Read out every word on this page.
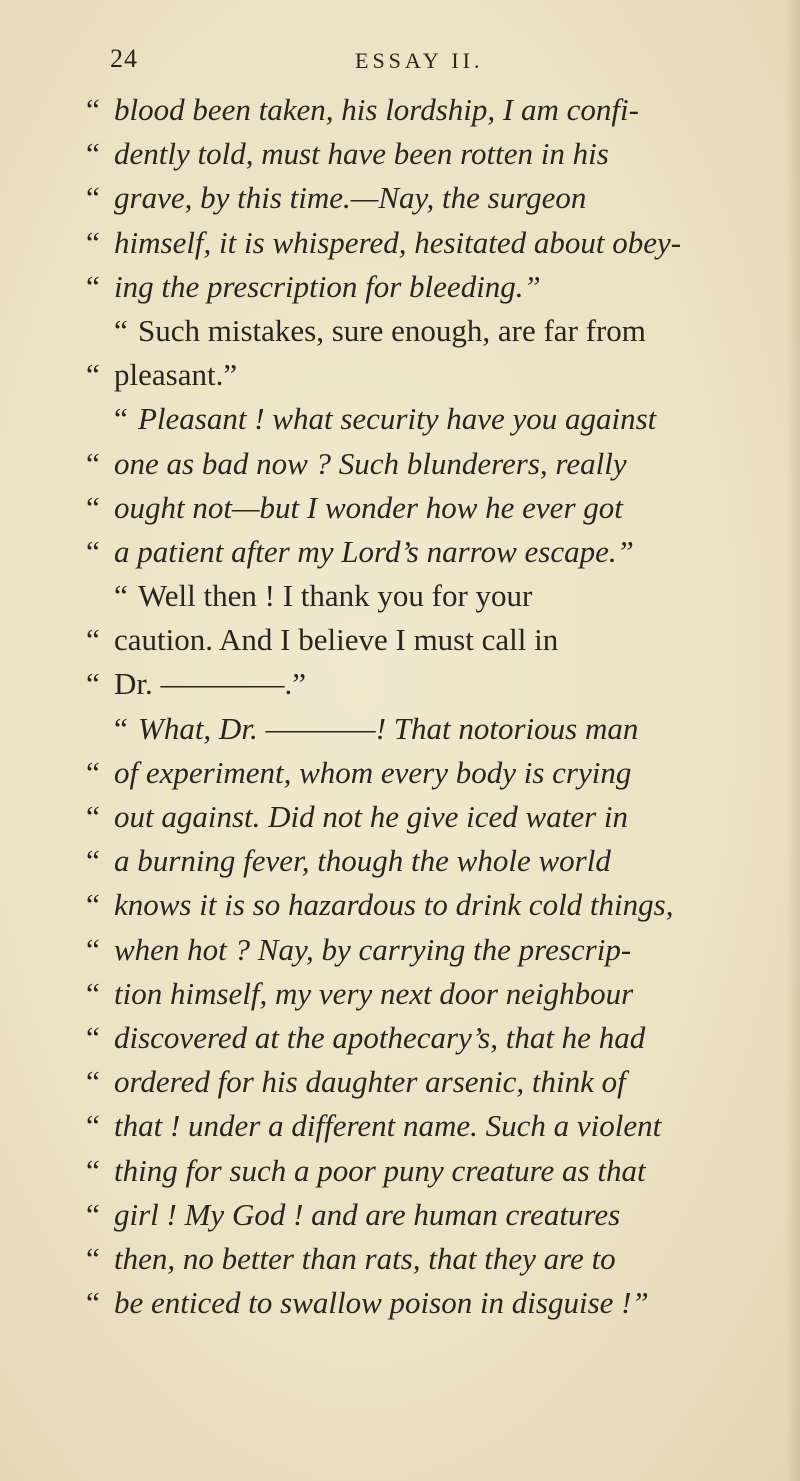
24	ESSAY II.
“ blood been taken, his lordship, I am confi-
“ dently told, must have been rotten in his
“ grave, by this time.—Nay, the surgeon
“ himself, it is whispered, hesitated about obey-
“ ing the prescription for bleeding.”
“ Such mistakes, sure enough, are far from
“ pleasant.”
“ Pleasant ! what security have you against
“ one as bad now ? Such blunderers, really
“ ought not—but I wonder how he ever got
“ a patient after my Lord’s narrow escape.”
“ Well then ! I thank you for your
“ caution. And I believe I must call in
“ Dr. ————.”
“ What, Dr. ————! That notorious man
“ of experiment, whom every body is crying
“ out against. Did not he give iced water in
“ a burning fever, though the whole world
“ knows it is so hazardous to drink cold things,
“ when hot ? Nay, by carrying the prescrip-
“ tion himself, my very next door neighbour
“ discovered at the apothecary’s, that he had
“ ordered for his daughter arsenic, think of
“ that ! under a different name. Such a violent
“ thing for such a poor puny creature as that
“ girl ! My God ! and are human creatures
“ then, no better than rats, that they are to
“ be enticed to swallow poison in disguise !”
